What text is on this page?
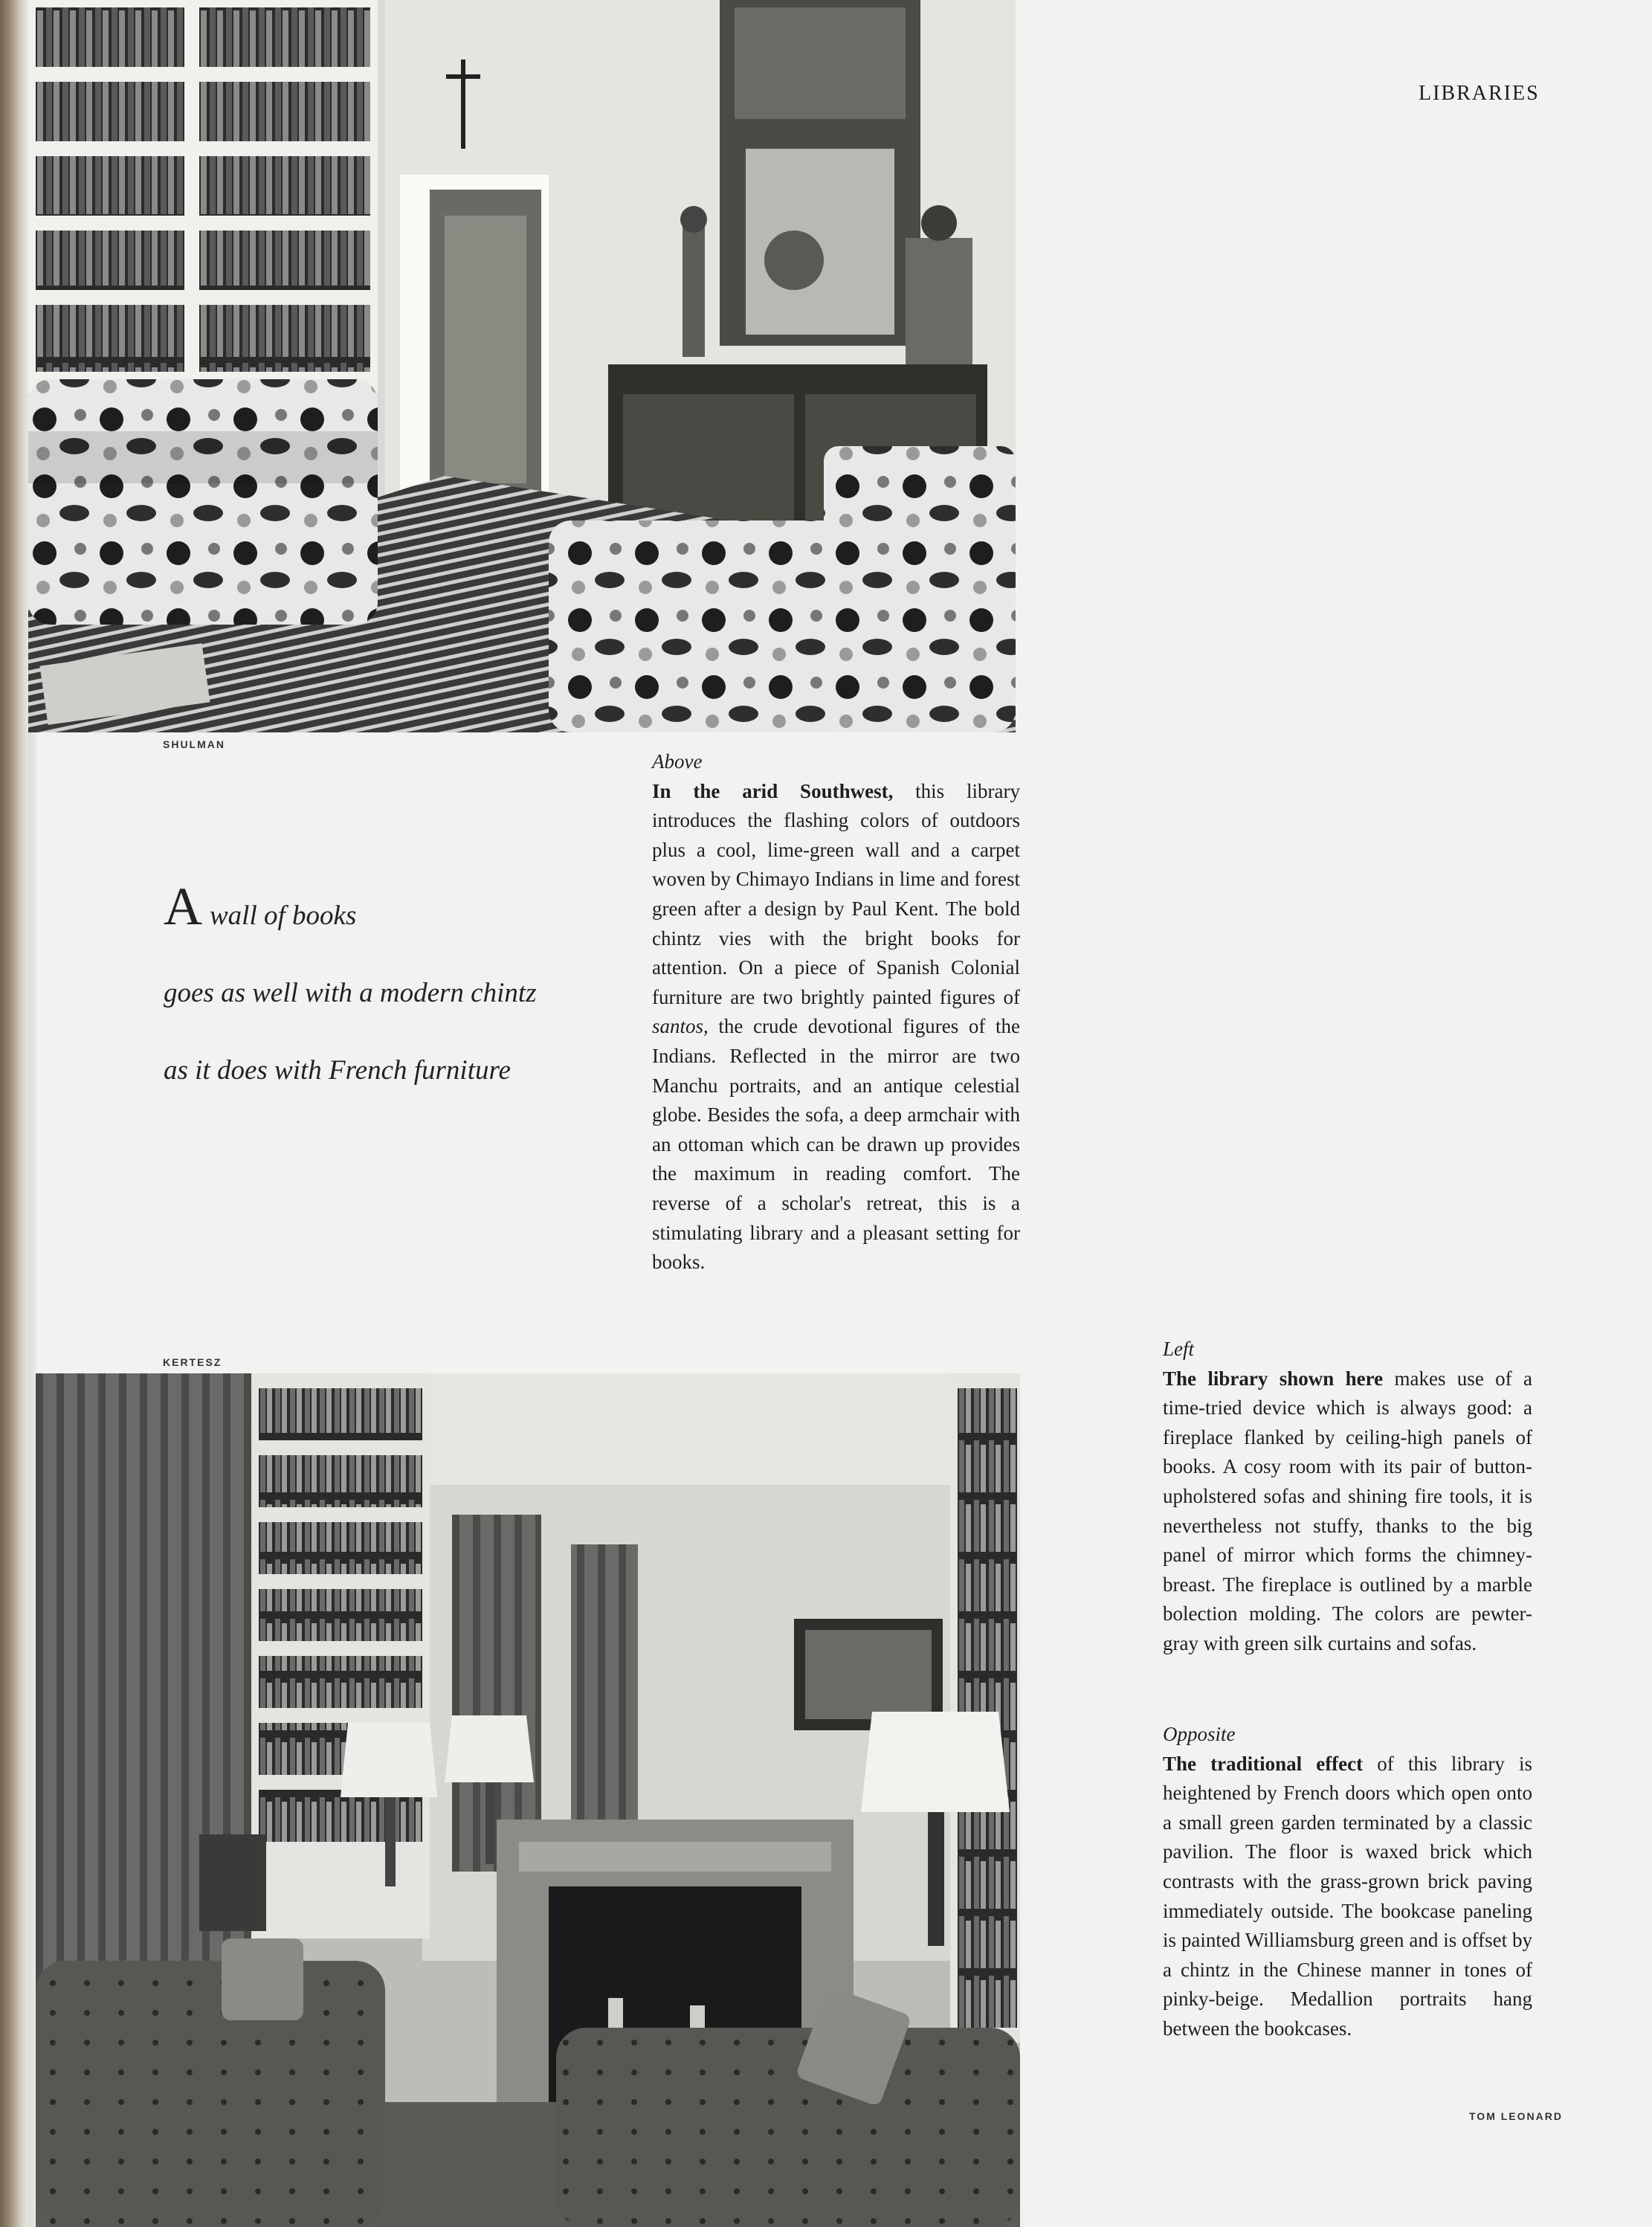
LIBRARIES
SHULMAN
Awall of books
goes as well with a modern chintz
as it does with French furniture
Above
In the arid Southwest, this library introduces the flashing colors of outdoors plus a cool, lime-green wall and a carpet woven by Chimayo Indians in lime and forest green after a design by Paul Kent. The bold chintz vies with the bright books for attention. On a piece of Spanish Colonial furniture are two brightly painted figures of santos, the crude devotional figures of the Indians. Reflected in the mirror are two Manchu portraits, and an antique celestial globe. Besides the sofa, a deep armchair with an ottoman which can be drawn up provides the maximum in reading comfort. The reverse of a scholar's retreat, this is a stimulating library and a pleasant setting for books.
KERTESZ
Left
The library shown here makes use of a time-tried device which is always good: a fireplace flanked by ceiling-high panels of books. A cosy room with its pair of button-upholstered sofas and shining fire tools, it is nevertheless not stuffy, thanks to the big panel of mirror which forms the chimney-breast. The fireplace is outlined by a marble bolection molding. The colors are pewter-gray with green silk curtains and sofas.
Opposite
The traditional effect of this library is heightened by French doors which open onto a small green garden terminated by a classic pavilion. The floor is waxed brick which contrasts with the grass-grown brick paving immediately outside. The bookcase paneling is painted Williamsburg green and is offset by a chintz in the Chinese manner in tones of pinky-beige. Medallion portraits hang between the bookcases.
TOM LEONARD
